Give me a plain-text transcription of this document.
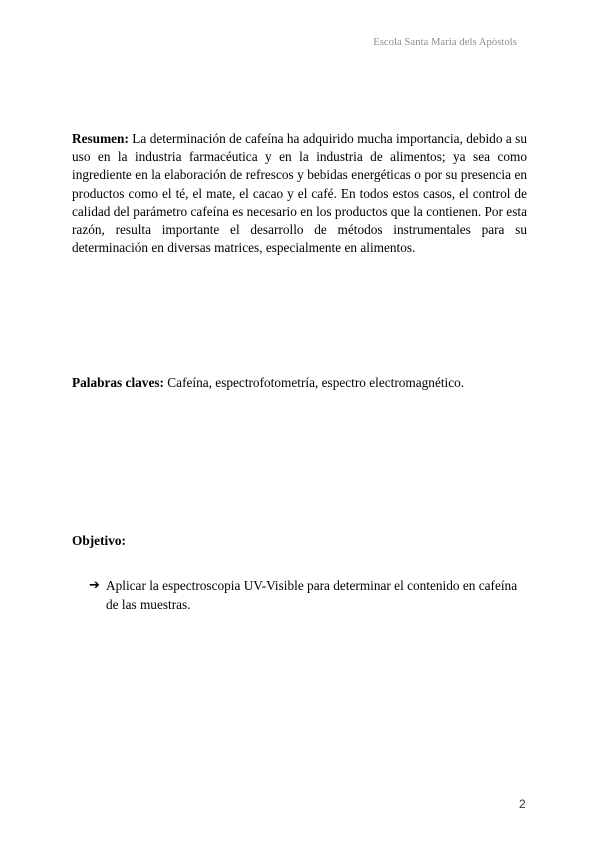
Escola Santa Maria dels Apòstols

Resumen: La determinación de cafeína ha adquirido mucha importancia, debido a su uso en la industria farmacéutica y en la industria de alimentos; ya sea como ingrediente en la elaboración de refrescos y bebidas energéticas o por su presencia en productos como el té, el mate, el cacao y el café. En todos estos casos, el control de calidad del parámetro cafeína es necesario en los productos que la contienen. Por esta razón, resulta importante el desarrollo de métodos instrumentales para su determinación en diversas matrices, especialmente en alimentos.

Palabras claves: Cafeína, espectrofotometría, espectro electromagnético.

Objetivo:
➔ Aplicar la espectroscopia UV-Visible para determinar el contenido en cafeína de las muestras.
2
